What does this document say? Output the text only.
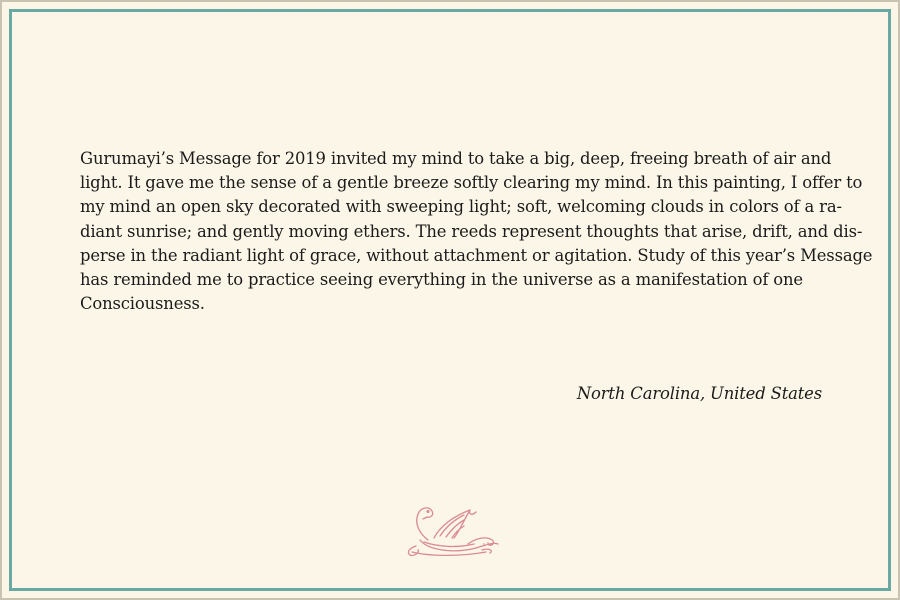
Gurumayi’s Message for 2019 invited my mind to take a big, deep, freeing breath of air and
light. It gave me the sense of a gentle breeze softly clearing my mind. In this painting, I offer to
my mind an open sky decorated with sweeping light; soft, welcoming clouds in colors of a ra-
diant sunrise; and gently moving ethers. The reeds represent thoughts that arise, drift, and dis-
perse in the radiant light of grace, without attachment or agitation. Study of this year’s Message
has reminded me to practice seeing everything in the universe as a manifestation of one
Consciousness.

North Carolina, United States
